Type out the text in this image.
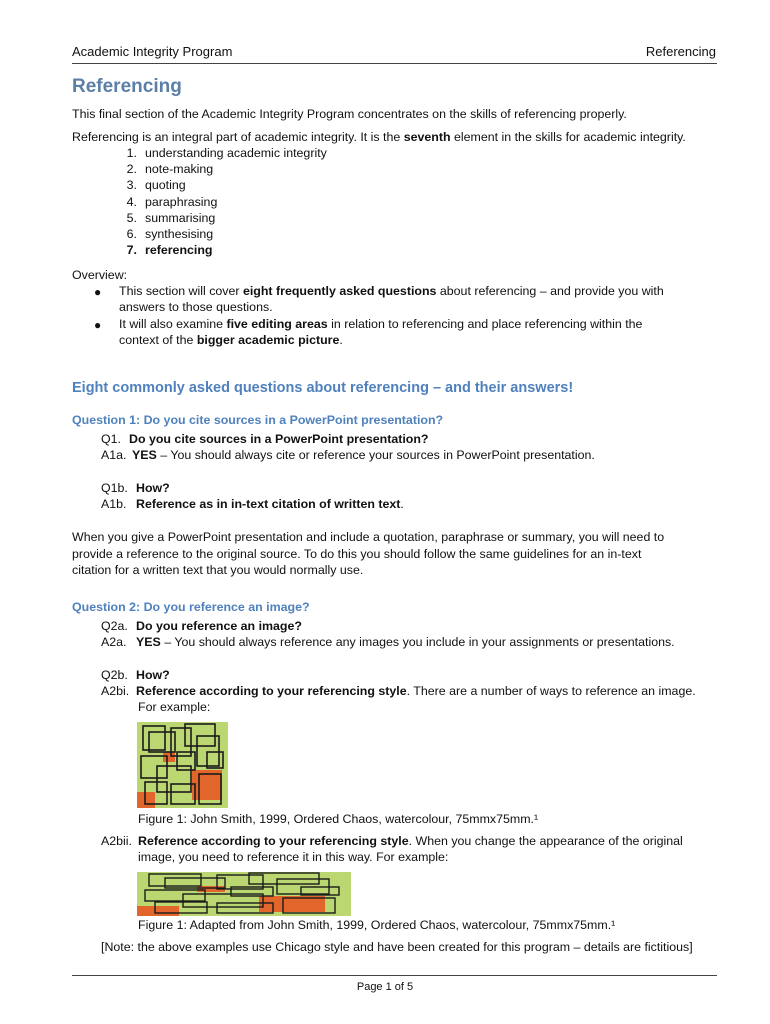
Academic Integrity Program	Referencing
Referencing
This final section of the Academic Integrity Program concentrates on the skills of referencing properly.
Referencing is an integral part of academic integrity. It is the seventh element in the skills for academic integrity.
1. understanding academic integrity
2. note-making
3. quoting
4. paraphrasing
5. summarising
6. synthesising
7. referencing
Overview:
● This section will cover eight frequently asked questions about referencing – and provide you with
answers to those questions.
● It will also examine five editing areas in relation to referencing and place referencing within the
context of the bigger academic picture.
Eight commonly asked questions about referencing – and their answers!
Question 1: Do you cite sources in a PowerPoint presentation?
Q1. Do you cite sources in a PowerPoint presentation?
A1a. YES – You should always cite or reference your sources in PowerPoint presentation.
Q1b. How?
A1b. Reference as in in-text citation of written text.
When you give a PowerPoint presentation and include a quotation, paraphrase or summary, you will need to
provide a reference to the original source. To do this you should follow the same guidelines for an in-text
citation for a written text that you would normally use.
Question 2: Do you reference an image?
Q2a. Do you reference an image?
A2a. YES – You should always reference any images you include in your assignments or presentations.
Q2b. How?
A2bi. Reference according to your referencing style. There are a number of ways to reference an image.
For example:
Figure 1: John Smith, 1999, Ordered Chaos, watercolour, 75mmx75mm.¹
A2bii. Reference according to your referencing style. When you change the appearance of the original
image, you need to reference it in this way. For example:
Figure 1: Adapted from John Smith, 1999, Ordered Chaos, watercolour, 75mmx75mm.¹
[Note: the above examples use Chicago style and have been created for this program – details are fictitious]
Page 1 of 5
